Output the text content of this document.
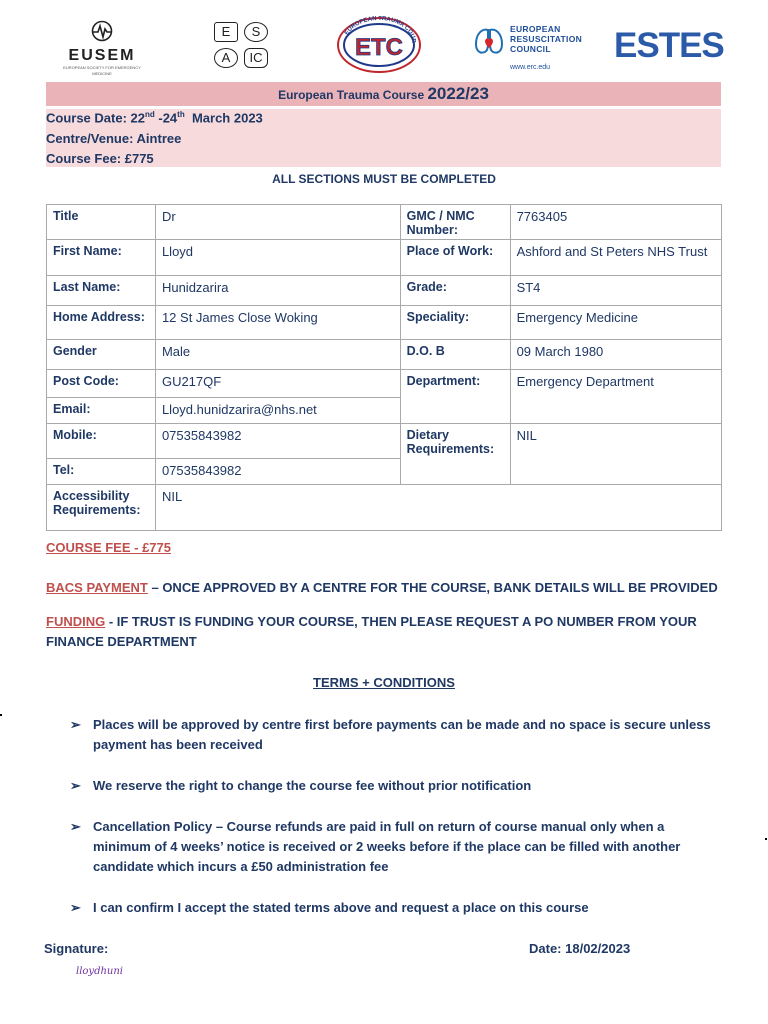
EUSEM
EUROPEAN SOCIETY FOR EMERGENCY MEDICINE
E	S
A	IC
EUROPEAN TRAUMA COUR
ETC
EUROPEAN
RESUSCITATION
COUNCIL
www.erc.edu
ESTES
European Trauma Course 2022/23
Course Date: 22nd -24th  March 2023
Centre/Venue: Aintree
Course Fee: £775
ALL SECTIONS MUST BE COMPLETED
Title	Dr	GMC / NMC Number:	7763405
First Name:	Lloyd	Place of Work:	Ashford and St Peters NHS Trust
Last Name:	Hunidzarira	Grade:	ST4
Home Address:	12 St James Close Woking	Speciality:	Emergency Medicine
Gender	Male	D.O. B	09 March 1980
Post Code:	GU217QF	Department:	Emergency Department
Email:	Lloyd.hunidzarira@nhs.net		
Mobile:	07535843982	Dietary Requirements:	NIL
Tel:	07535843982		
Accessibility Requirements:	NIL		
COURSE FEE - £775
BACS PAYMENT – ONCE APPROVED BY A CENTRE FOR THE COURSE, BANK DETAILS WILL BE PROVIDED
FUNDING - IF TRUST IS FUNDING YOUR COURSE, THEN PLEASE REQUEST A PO NUMBER FROM YOUR FINANCE DEPARTMENT
TERMS + CONDITIONS
➢ Places will be approved by centre first before payments can be made and no space is secure unless payment has been received
➢ We reserve the right to change the course fee without prior notification
➢ Cancellation Policy – Course refunds are paid in full on return of course manual only when a minimum of 4 weeks’ notice is received or 2 weeks before if the place can be filled with another candidate which incurs a £50 administration fee
➢ I can confirm I accept the stated terms above and request a place on this course
Signature:	Date: 18/02/2023
lloydhuni
